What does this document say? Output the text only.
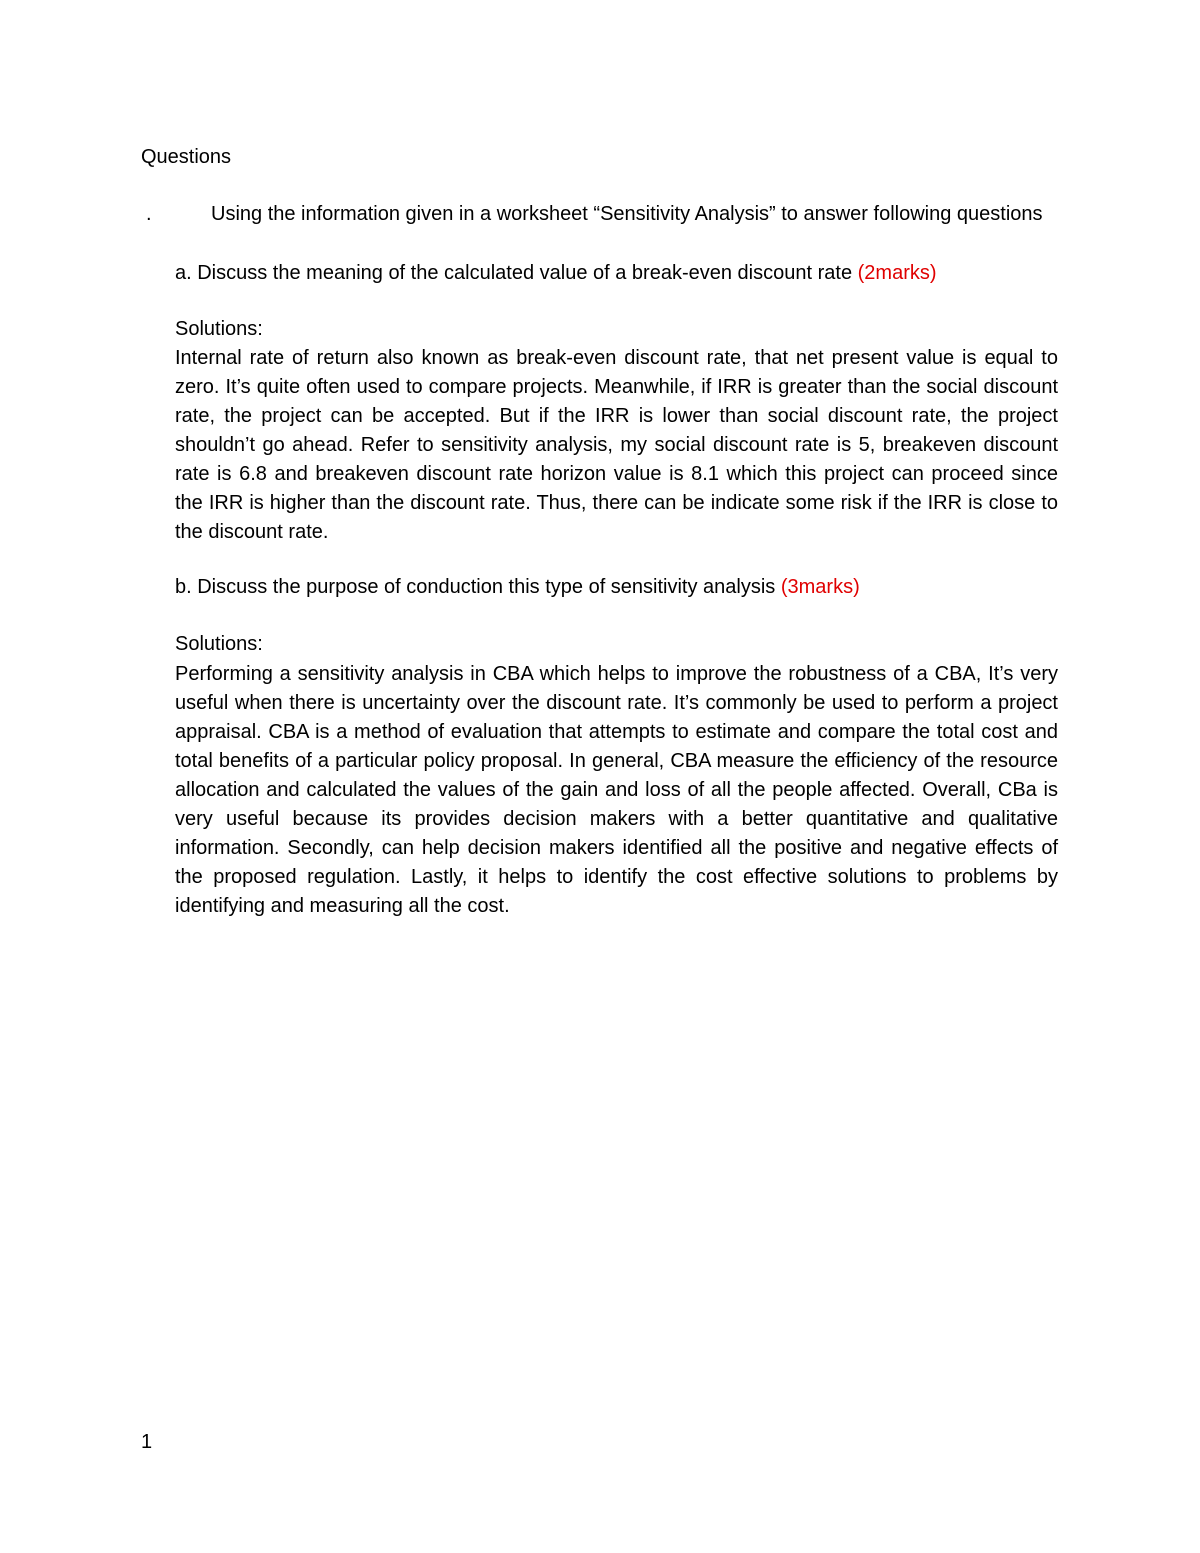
Questions
.	Using the information given in a worksheet “Sensitivity Analysis” to answer following questions
a. Discuss the meaning of the calculated value of a break-even discount rate (2marks)
Solutions:
Internal rate of return also known as break-even discount rate, that net present value is equal to zero. It’s quite often used to compare projects. Meanwhile, if IRR is greater than the social discount rate, the project can be accepted. But if the IRR is lower than social discount rate, the project shouldn’t go ahead. Refer to sensitivity analysis, my social discount rate is 5, breakeven discount rate is 6.8 and breakeven discount rate horizon value is 8.1 which this project can proceed since the IRR is higher than the discount rate. Thus, there can be indicate some risk if the IRR is close to the discount rate.
b. Discuss the purpose of conduction this type of sensitivity analysis (3marks)
Solutions:
Performing a sensitivity analysis in CBA which helps to improve the robustness of a CBA, It’s very useful when there is uncertainty over the discount rate. It’s commonly be used to perform a project appraisal. CBA is a method of evaluation that attempts to estimate and compare the total cost and total benefits of a particular policy proposal. In general, CBA measure the efficiency of the resource allocation and calculated the values of the gain and loss of all the people affected. Overall, CBa is very useful because its provides decision makers with a better quantitative and qualitative information. Secondly, can help decision makers identified all the positive and negative effects of the proposed regulation. Lastly, it helps to identify the cost effective solutions to problems by identifying and measuring all the cost.
1
